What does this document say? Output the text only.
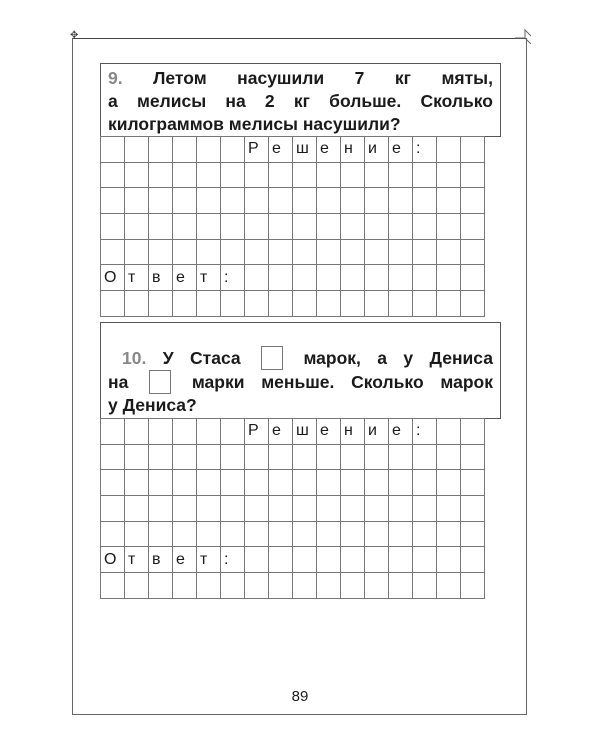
✥

9. Летом насушили 7 кг мяты,

а мелисы на 2 кг больше. Сколько

килограммов мелисы насушили?

						Р	е	ш	е	н	и	е	:		

О	т	в	е	т	:										

10. У Стаса	марок, а у Дениса

на	марки меньше. Сколько марок

у Дениса?

						Р	е	ш	е	н	и	е	:		

О	т	в	е	т	:										

89
